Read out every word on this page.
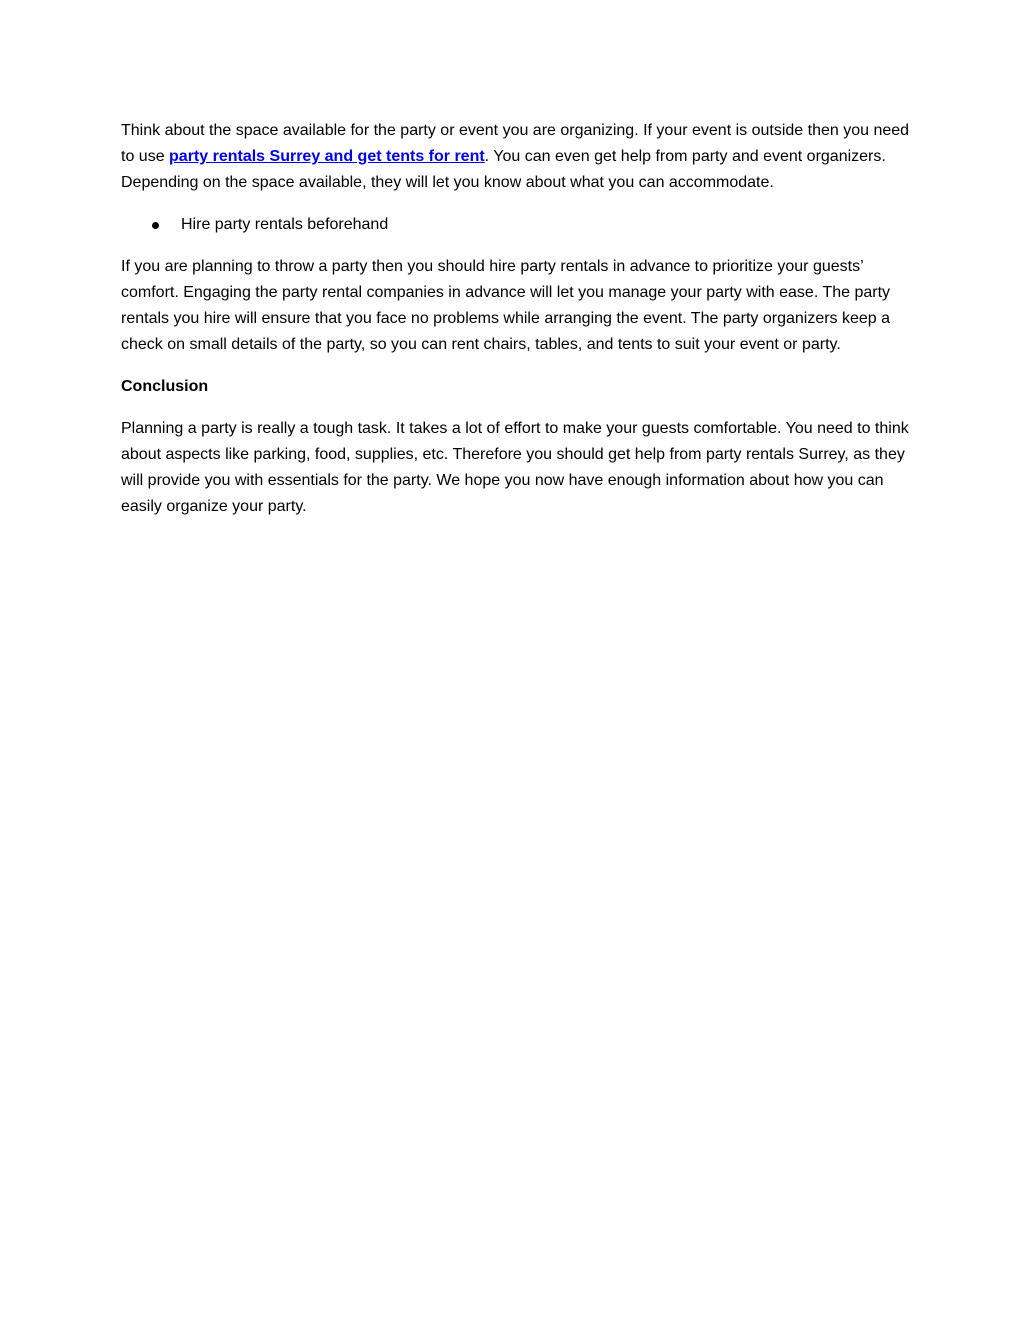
Think about the space available for the party or event you are organizing. If your event is outside then you need to use party rentals Surrey and get tents for rent. You can even get help from party and event organizers. Depending on the space available, they will let you know about what you can accommodate.

Hire party rentals beforehand

If you are planning to throw a party then you should hire party rentals in advance to prioritize your guests’ comfort. Engaging the party rental companies in advance will let you manage your party with ease. The party rentals you hire will ensure that you face no problems while arranging the event. The party organizers keep a check on small details of the party, so you can rent chairs, tables, and tents to suit your event or party.

Conclusion

Planning a party is really a tough task. It takes a lot of effort to make your guests comfortable. You need to think about aspects like parking, food, supplies, etc. Therefore you should get help from party rentals Surrey, as they will provide you with essentials for the party. We hope you now have enough information about how you can easily organize your party.
